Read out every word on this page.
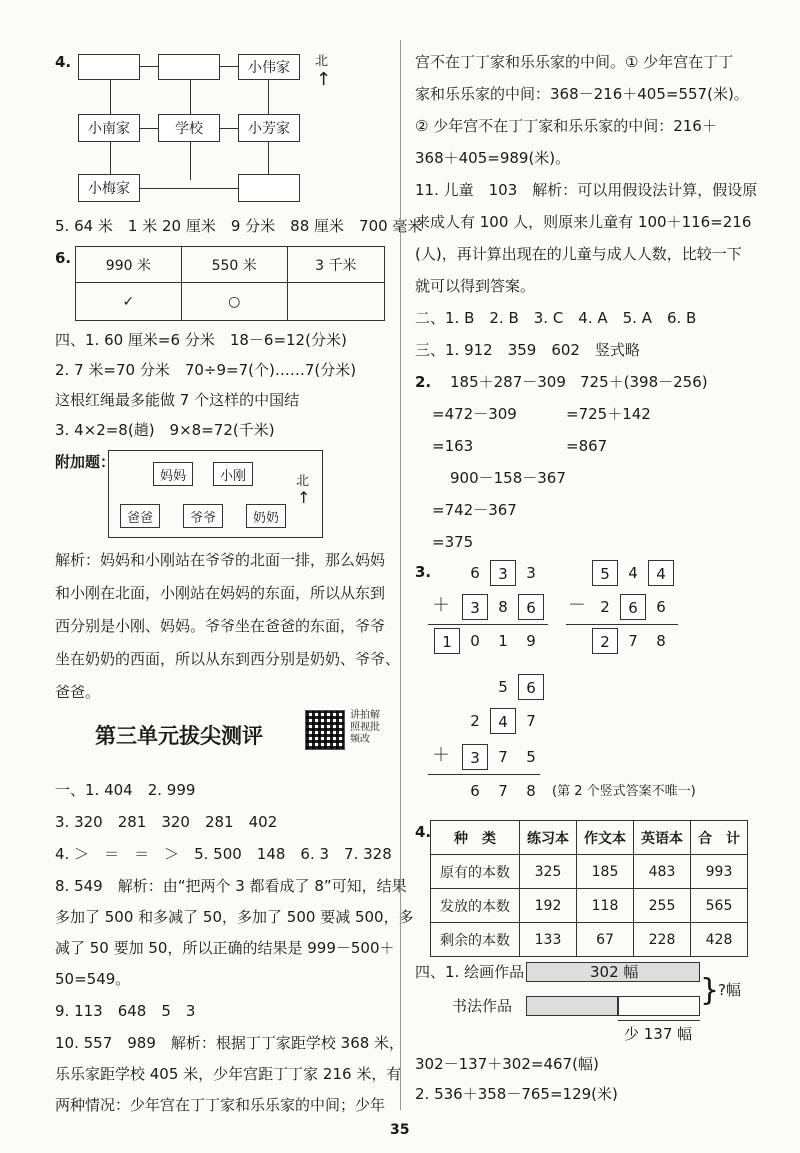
4.	小伟家
小南家	学校	小芳家
小梅家
北
↑
5. 64 米　1 米 20 厘米　9 分米　88 厘米　700 毫米
6. 990 米	550 米	3 千米
✓	○	
四、1. 60 厘米=6 分米　18－6=12(分米)
2. 7 米=70 分米　70÷9=7(个)……7(分米)
这根红绳最多能做 7 个这样的中国结
3. 4×2=8(趟)　9×8=72(千米)
附加题：
妈妈	小刚
爸爸	爷爷	奶奶
北
↑
解析：妈妈和小刚站在爷爷的北面一排，那么妈妈
和小刚在北面，小刚站在妈妈的东面，所以从东到
西分别是小刚、妈妈。爷爷坐在爸爸的东面，爷爷
坐在奶奶的西面，所以从东到西分别是奶奶、爷爷、
爸爸。
第三单元拔尖测评
讲拍解照视批频改
一、1. 404　2. 999
3. 320　281　320　281　402
4. ＞　＝　＝　＞　5. 500　148　6. 3　7. 328
8. 549　解析：由“把两个 3 都看成了 8”可知，结果
多加了 500 和多减了 50，多加了 500 要减 500，多
减了 50 要加 50，所以正确的结果是 999－500＋
50=549。
9. 113　648　5　3
10. 557　989　解析：根据丁丁家距学校 368 米，
乐乐家距学校 405 米，少年宫距丁丁家 216 米，有
两种情况：少年宫在丁丁家和乐乐家的中间；少年
宫不在丁丁家和乐乐家的中间。① 少年宫在丁丁
家和乐乐家的中间：368－216＋405=557(米)。
② 少年宫不在丁丁家和乐乐家的中间：216＋
368＋405=989(米)。
11. 儿童　103　解析：可以用假设法计算，假设原
来成人有 100 人，则原来儿童有 100＋116=216
(人)，再计算出现在的儿童与成人人数，比较一下
就可以得到答案。
二、1. B　2. B　3. C　4. A　5. A　6. B
三、1. 912　359　602　竖式略
2. 185＋287－309
=472－309
=163
725＋(398－256)
=725＋142
=867
900－158－367
=742－367
=375
3.	6	3	3
＋	3	8	6
1	0	1	9
5	4	4
－ 2	6	6
2	7	8
5	6
2	4	7
＋	3	7	5
6	7	8	(第 2 个竖式答案不唯一)
4. 种　类	练习本	作文本	英语本	合　计
原有的本数	325	185	483	993
发放的本数	192	118	255	565
剩余的本数	133	67	228	428
四、1. 绘画作品	302 幅
}
?幅
书法作品
少 137 幅
302－137＋302=467(幅)
2. 536＋358－765=129(米)
35
